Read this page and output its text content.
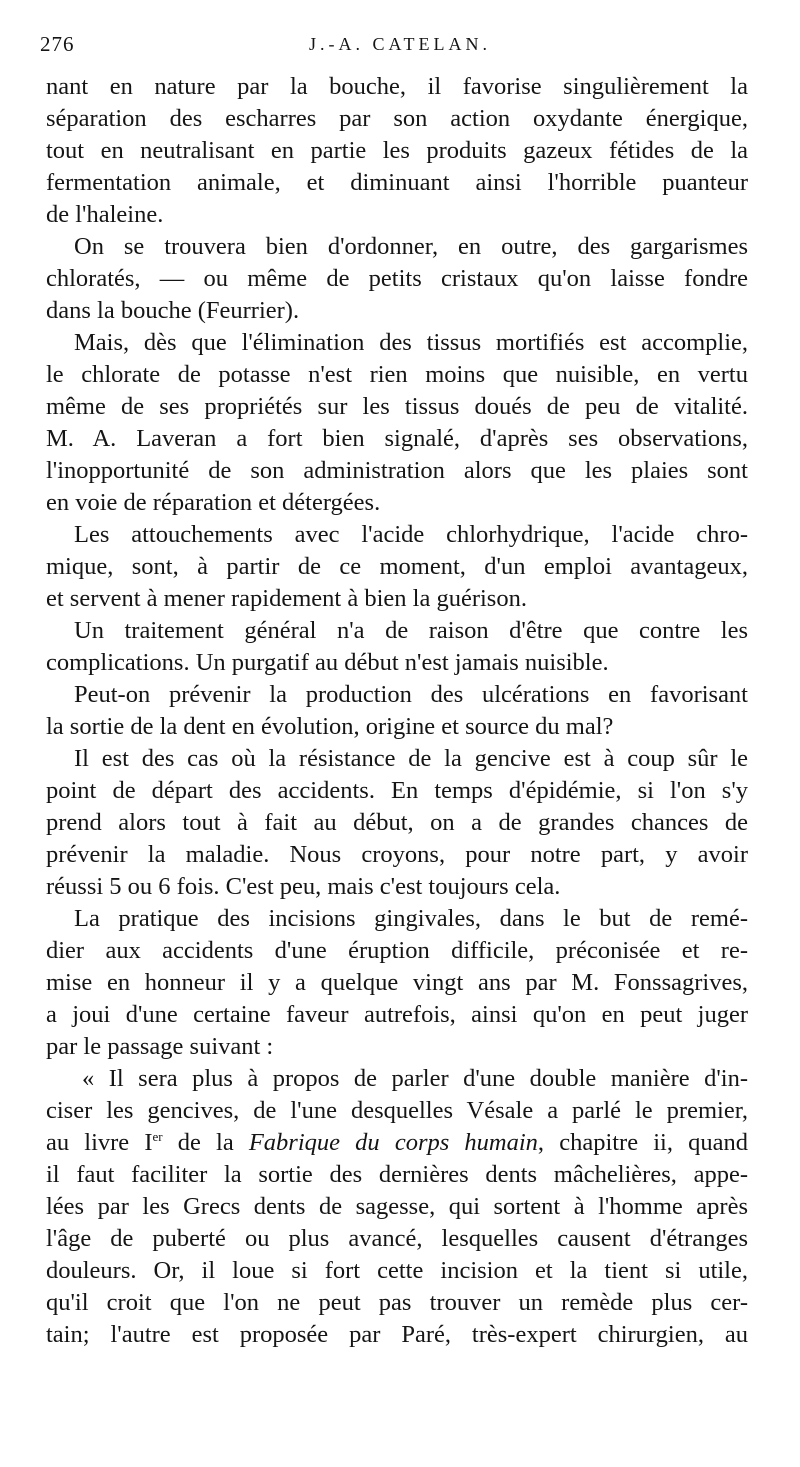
276	J.-A. CATELAN.
nant en nature par la bouche, il favorise singulièrement la
séparation des escharres par son action oxydante énergique,
tout en neutralisant en partie les produits gazeux fétides de la
fermentation animale, et diminuant ainsi l'horrible puanteur
de l'haleine.
On se trouvera bien d'ordonner, en outre, des gargarismes
chloratés, — ou même de petits cristaux qu'on laisse fondre
dans la bouche (Feurrier).
Mais, dès que l'élimination des tissus mortifiés est accomplie,
le chlorate de potasse n'est rien moins que nuisible, en vertu
même de ses propriétés sur les tissus doués de peu de vitalité.
M. A. Laveran a fort bien signalé, d'après ses observations,
l'inopportunité de son administration alors que les plaies sont
en voie de réparation et détergées.
Les attouchements avec l'acide chlorhydrique, l'acide chro-
mique, sont, à partir de ce moment, d'un emploi avantageux,
et servent à mener rapidement à bien la guérison.
Un traitement général n'a de raison d'être que contre les
complications. Un purgatif au début n'est jamais nuisible.
Peut-on prévenir la production des ulcérations en favorisant
la sortie de la dent en évolution, origine et source du mal?
Il est des cas où la résistance de la gencive est à coup sûr le
point de départ des accidents. En temps d'épidémie, si l'on s'y
prend alors tout à fait au début, on a de grandes chances de
prévenir la maladie. Nous croyons, pour notre part, y avoir
réussi 5 ou 6 fois. C'est peu, mais c'est toujours cela.
La pratique des incisions gingivales, dans le but de remé-
dier aux accidents d'une éruption difficile, préconisée et re-
mise en honneur il y a quelque vingt ans par M. Fonssagrives,
a joui d'une certaine faveur autrefois, ainsi qu'on en peut juger
par le passage suivant :
« Il sera plus à propos de parler d'une double manière d'in-
ciser les gencives, de l'une desquelles Vésale a parlé le premier,
au livre Ier de la Fabrique du corps humain, chapitre ii, quand
il faut faciliter la sortie des dernières dents mâchelières, appe-
lées par les Grecs dents de sagesse, qui sortent à l'homme après
l'âge de puberté ou plus avancé, lesquelles causent d'étranges
douleurs. Or, il loue si fort cette incision et la tient si utile,
qu'il croit que l'on ne peut pas trouver un remède plus cer-
tain; l'autre est proposée par Paré, très-expert chirurgien, au
